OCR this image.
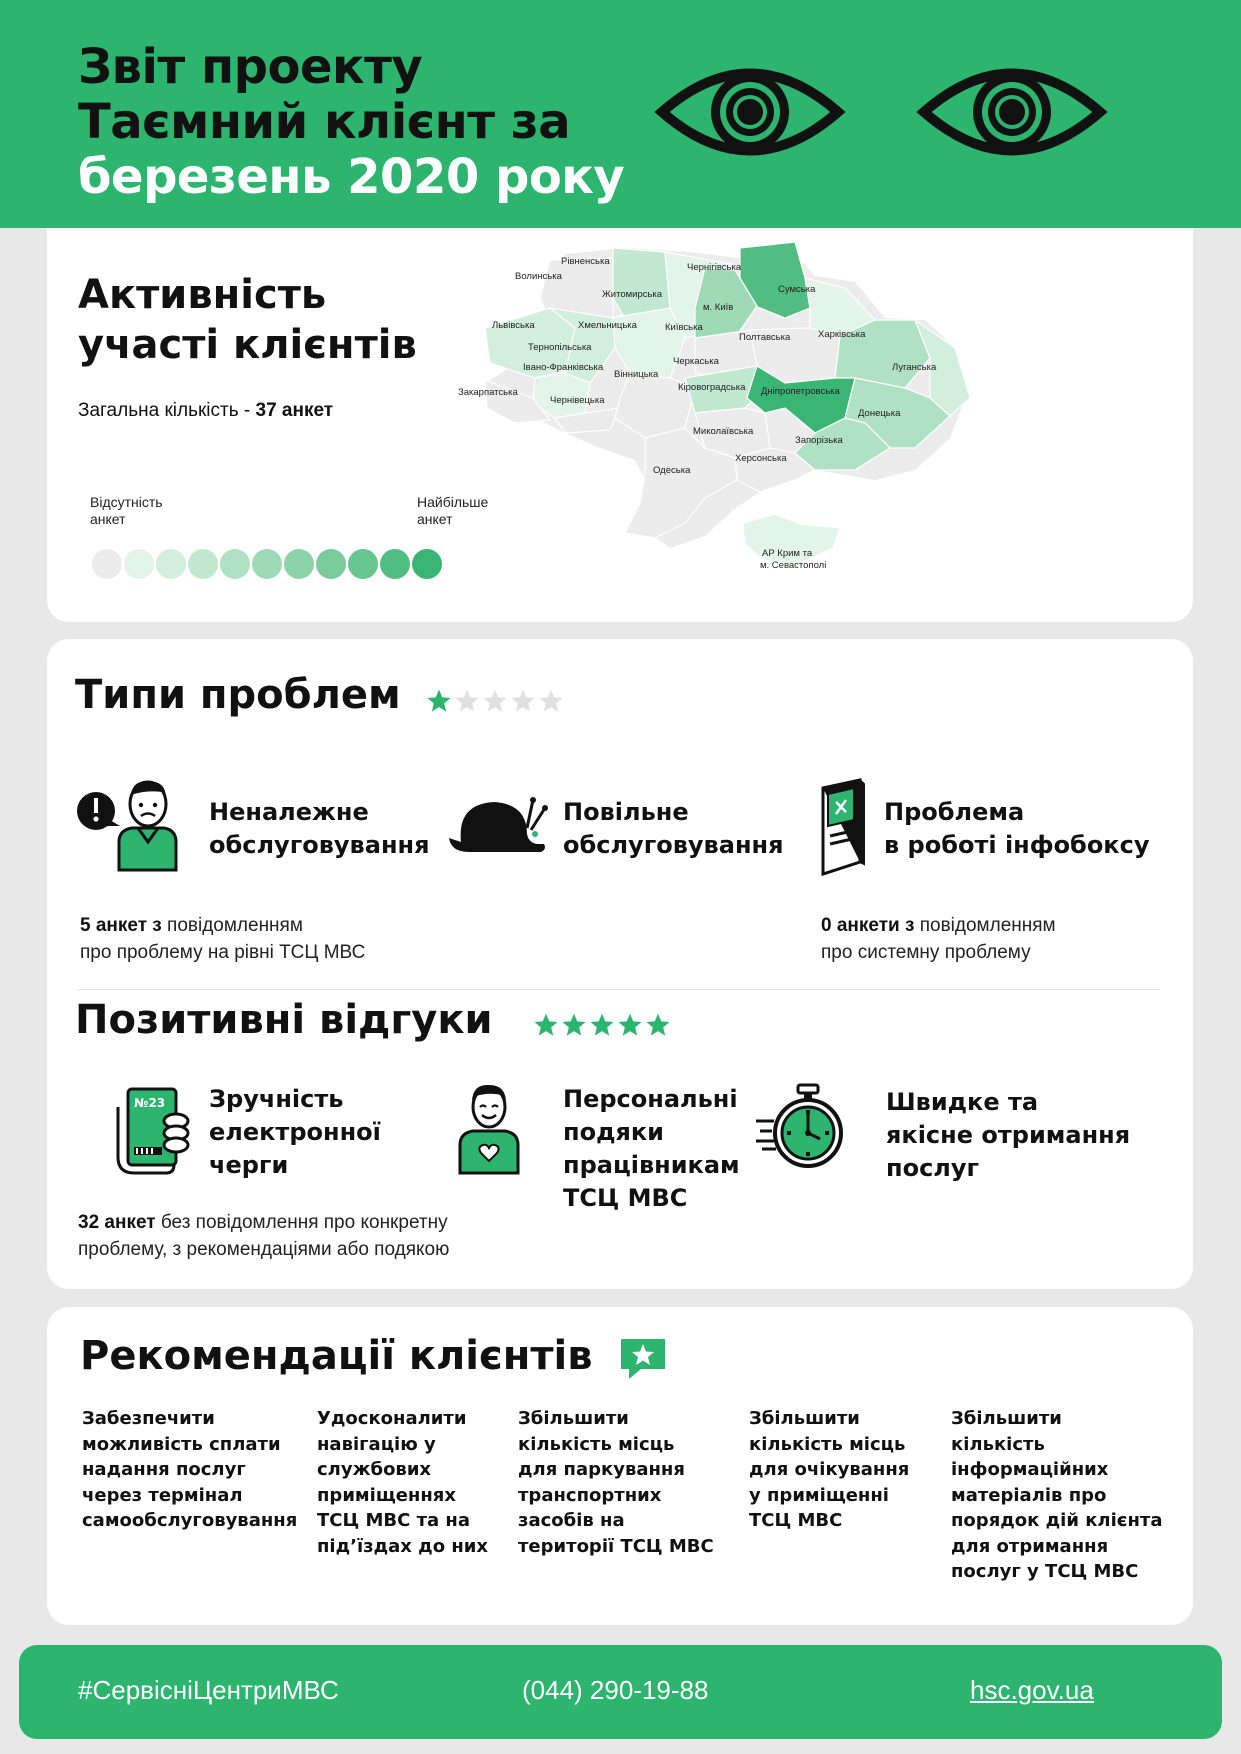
Звіт проекту
Таємний клієнт за
березень 2020 року
Активність
участі клієнтів
Загальна кількість - 37 анкет
Відсутність
анкет
Найбільше
анкет
Волинська
Рівненська
Житомирська
Чернігівська
Сумська
м. Київ
Київська
Львівська	Хмельницька
Тернопільська
Полтавська	Харківська
Луганська
Івано-Франківська
Закарпатська
Чернівецька
Вінницька
Черкаська
Кіровоградська Дніпропетровська
Донецька
Запорізька
Миколаївська
Херсонська
Одеська
АР Крим та
м. Севастополі
Типи проблем
Неналежне
обслуговування
Повільне
обслуговування
Проблема
в роботі інфобоксу
5 анкет з повідомленням
про проблему на рівні ТСЦ МВС
0 анкети з повідомленням
про системну проблему
Позитивні відгуки
№23 Зручність
електронної
черги
Персональні
подяки
працівникам
ТСЦ МВС
Швидке та
якісне отримання
послуг
32 анкет без повідомлення про конкретну
проблему, з рекомендаціями або подякою
Рекомендації клієнтів
Забезпечити
можливість сплати
надання послуг
через термінал
самообслуговування
Удосконалити
навігацію у
службових
приміщеннях
ТСЦ МВС та на
під’їздах до них
Збільшити
кількість місць
для паркування
транспортних
засобів на
території ТСЦ МВС
Збільшити
кількість місць
для очікування
у приміщенні
ТСЦ МВС
Збільшити
кількість
інформаційних
матеріалів про
порядок дій клієнта
для отримання
послуг у ТСЦ МВС
#СервісніЦентриМВС	(044) 290-19-88	hsc.gov.ua
